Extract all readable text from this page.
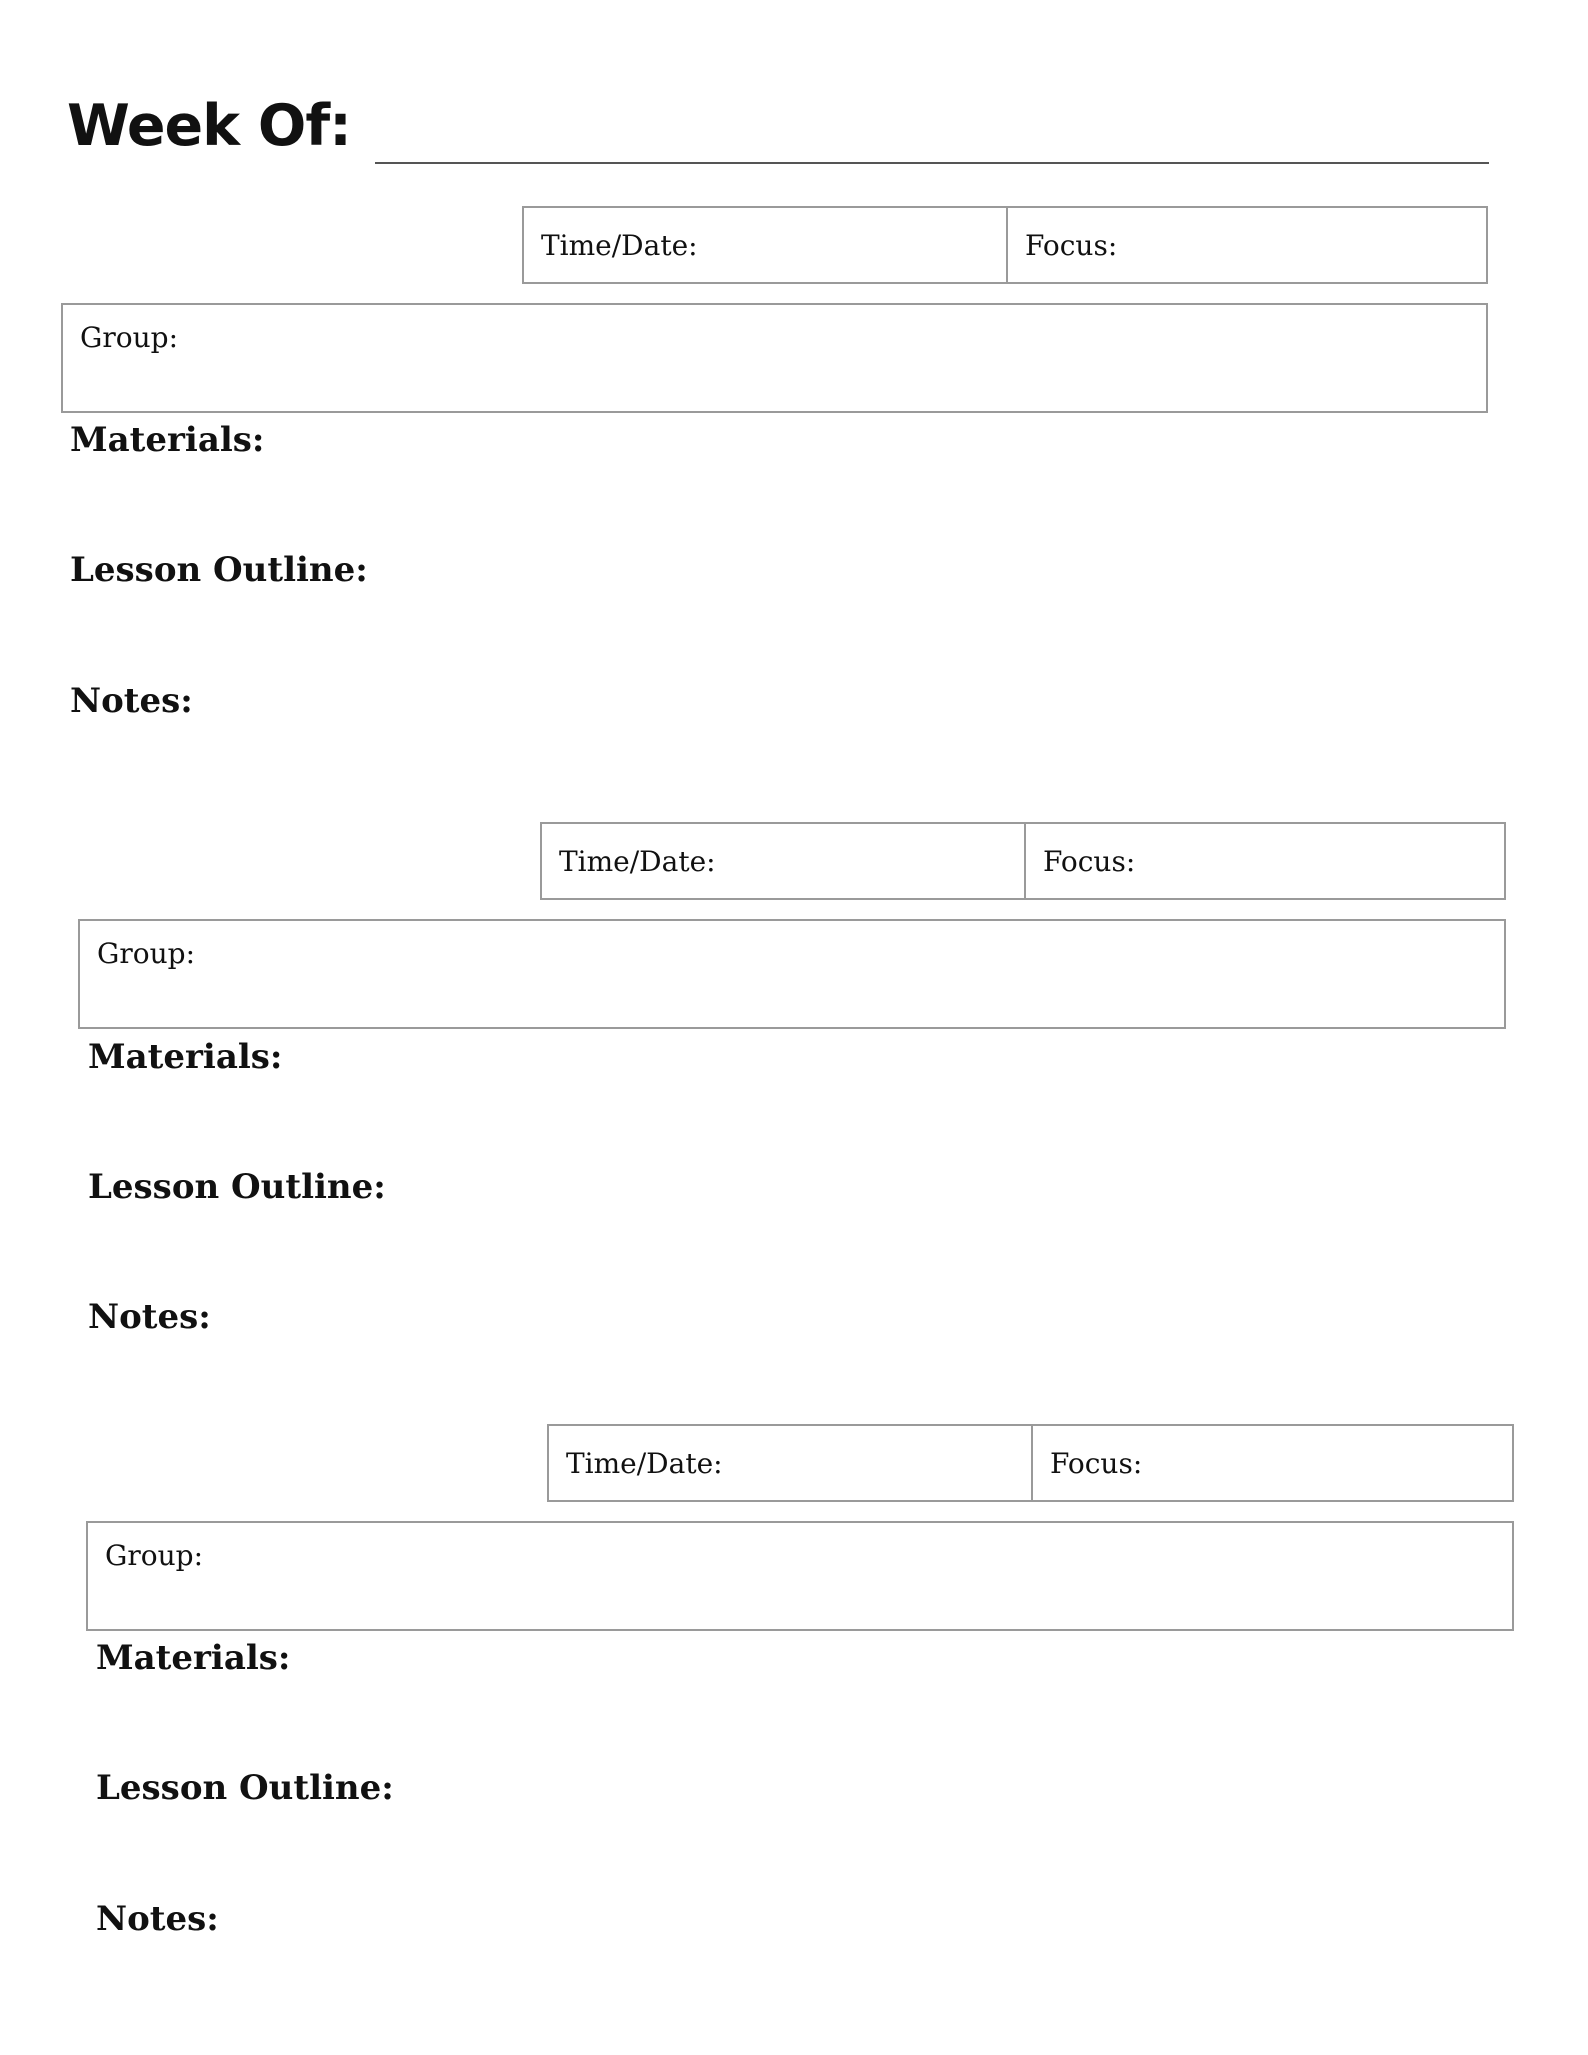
Week Of:
Time/Date:	Focus:
Group:
Materials:
Lesson Outline:
Notes:
Time/Date:	Focus:
Group:
Materials:
Lesson Outline:
Notes:
Time/Date:	Focus:
Group:
Materials:
Lesson Outline:
Notes:
